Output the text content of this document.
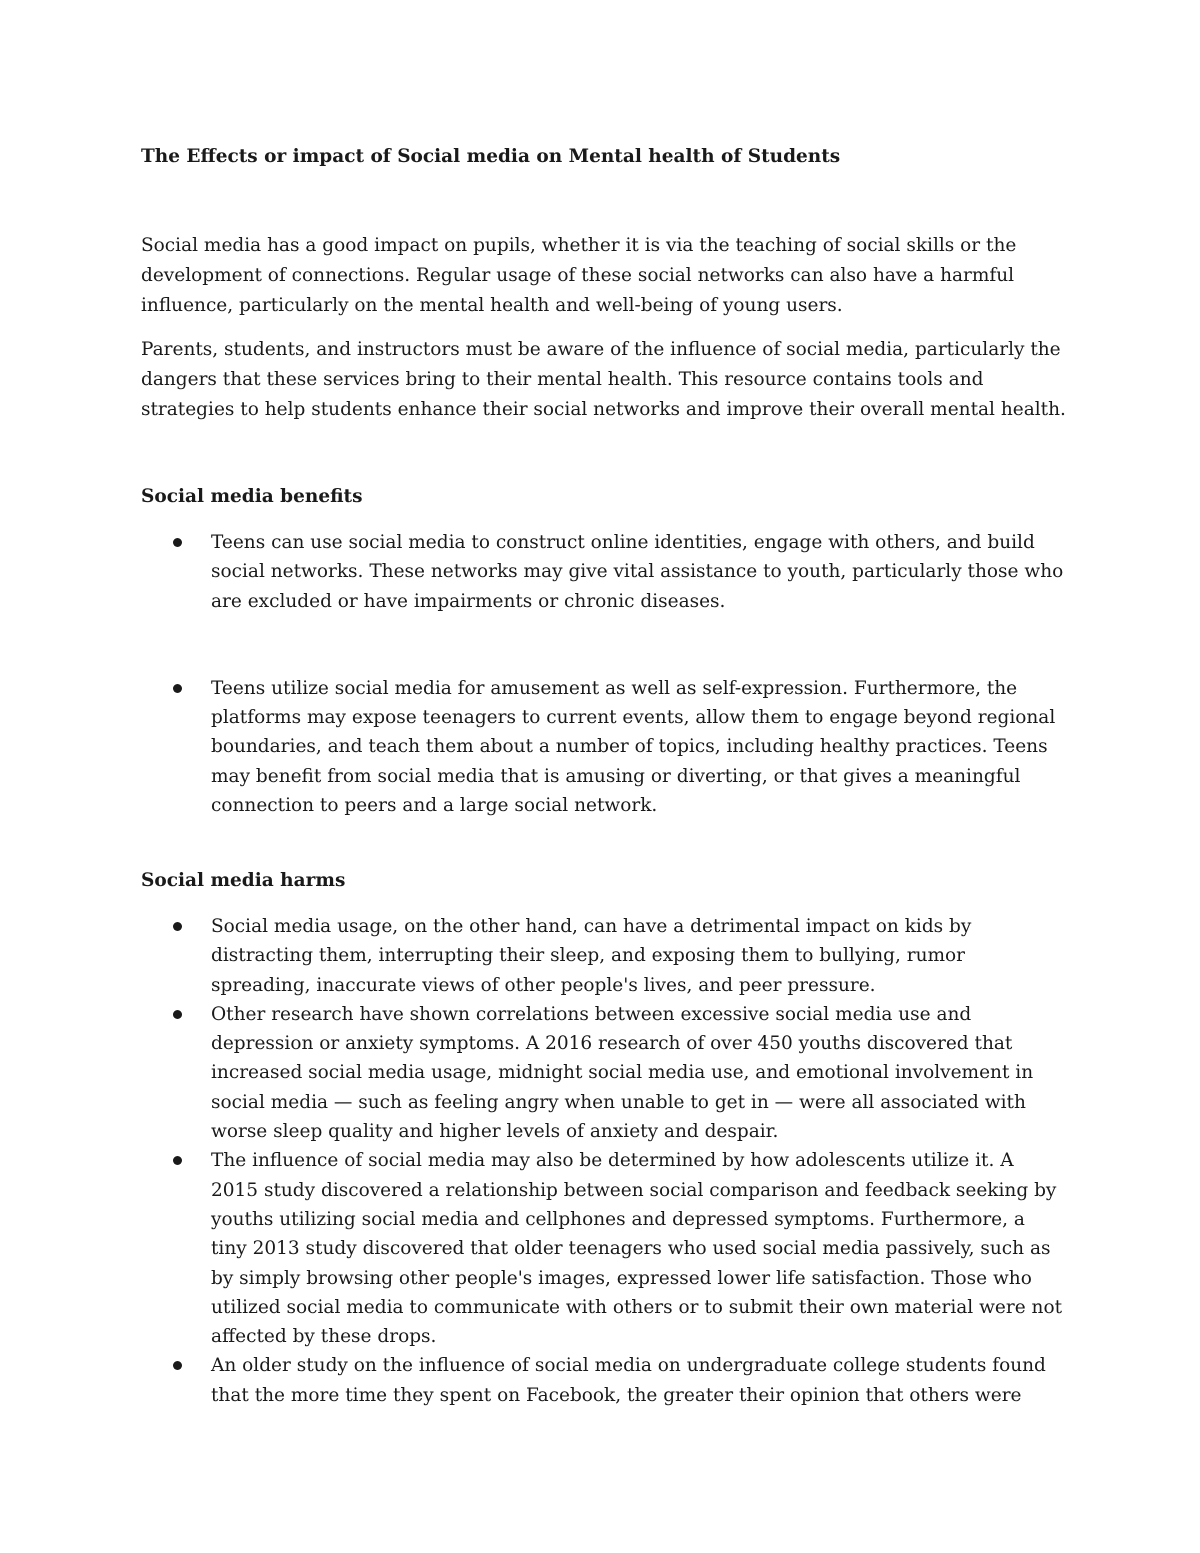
The Effects or impact of Social media on Mental health of Students

Social media has a good impact on pupils, whether it is via the teaching of social skills or the development of connections. Regular usage of these social networks can also have a harmful influence, particularly on the mental health and well-being of young users.

Parents, students, and instructors must be aware of the influence of social media, particularly the dangers that these services bring to their mental health. This resource contains tools and strategies to help students enhance their social networks and improve their overall mental health.

Social media benefits
Teens can use social media to construct online identities, engage with others, and build social networks. These networks may give vital assistance to youth, particularly those who are excluded or have impairments or chronic diseases.
Teens utilize social media for amusement as well as self-expression. Furthermore, the platforms may expose teenagers to current events, allow them to engage beyond regional boundaries, and teach them about a number of topics, including healthy practices. Teens may benefit from social media that is amusing or diverting, or that gives a meaningful connection to peers and a large social network.
Social media harms
Social media usage, on the other hand, can have a detrimental impact on kids by distracting them, interrupting their sleep, and exposing them to bullying, rumor spreading, inaccurate views of other people's lives, and peer pressure.
Other research have shown correlations between excessive social media use and depression or anxiety symptoms. A 2016 research of over 450 youths discovered that increased social media usage, midnight social media use, and emotional involvement in social media — such as feeling angry when unable to get in — were all associated with worse sleep quality and higher levels of anxiety and despair.
The influence of social media may also be determined by how adolescents utilize it. A 2015 study discovered a relationship between social comparison and feedback seeking by youths utilizing social media and cellphones and depressed symptoms. Furthermore, a tiny 2013 study discovered that older teenagers who used social media passively, such as by simply browsing other people's images, expressed lower life satisfaction. Those who utilized social media to communicate with others or to submit their own material were not affected by these drops.
An older study on the influence of social media on undergraduate college students found that the more time they spent on Facebook, the greater their opinion that others were
